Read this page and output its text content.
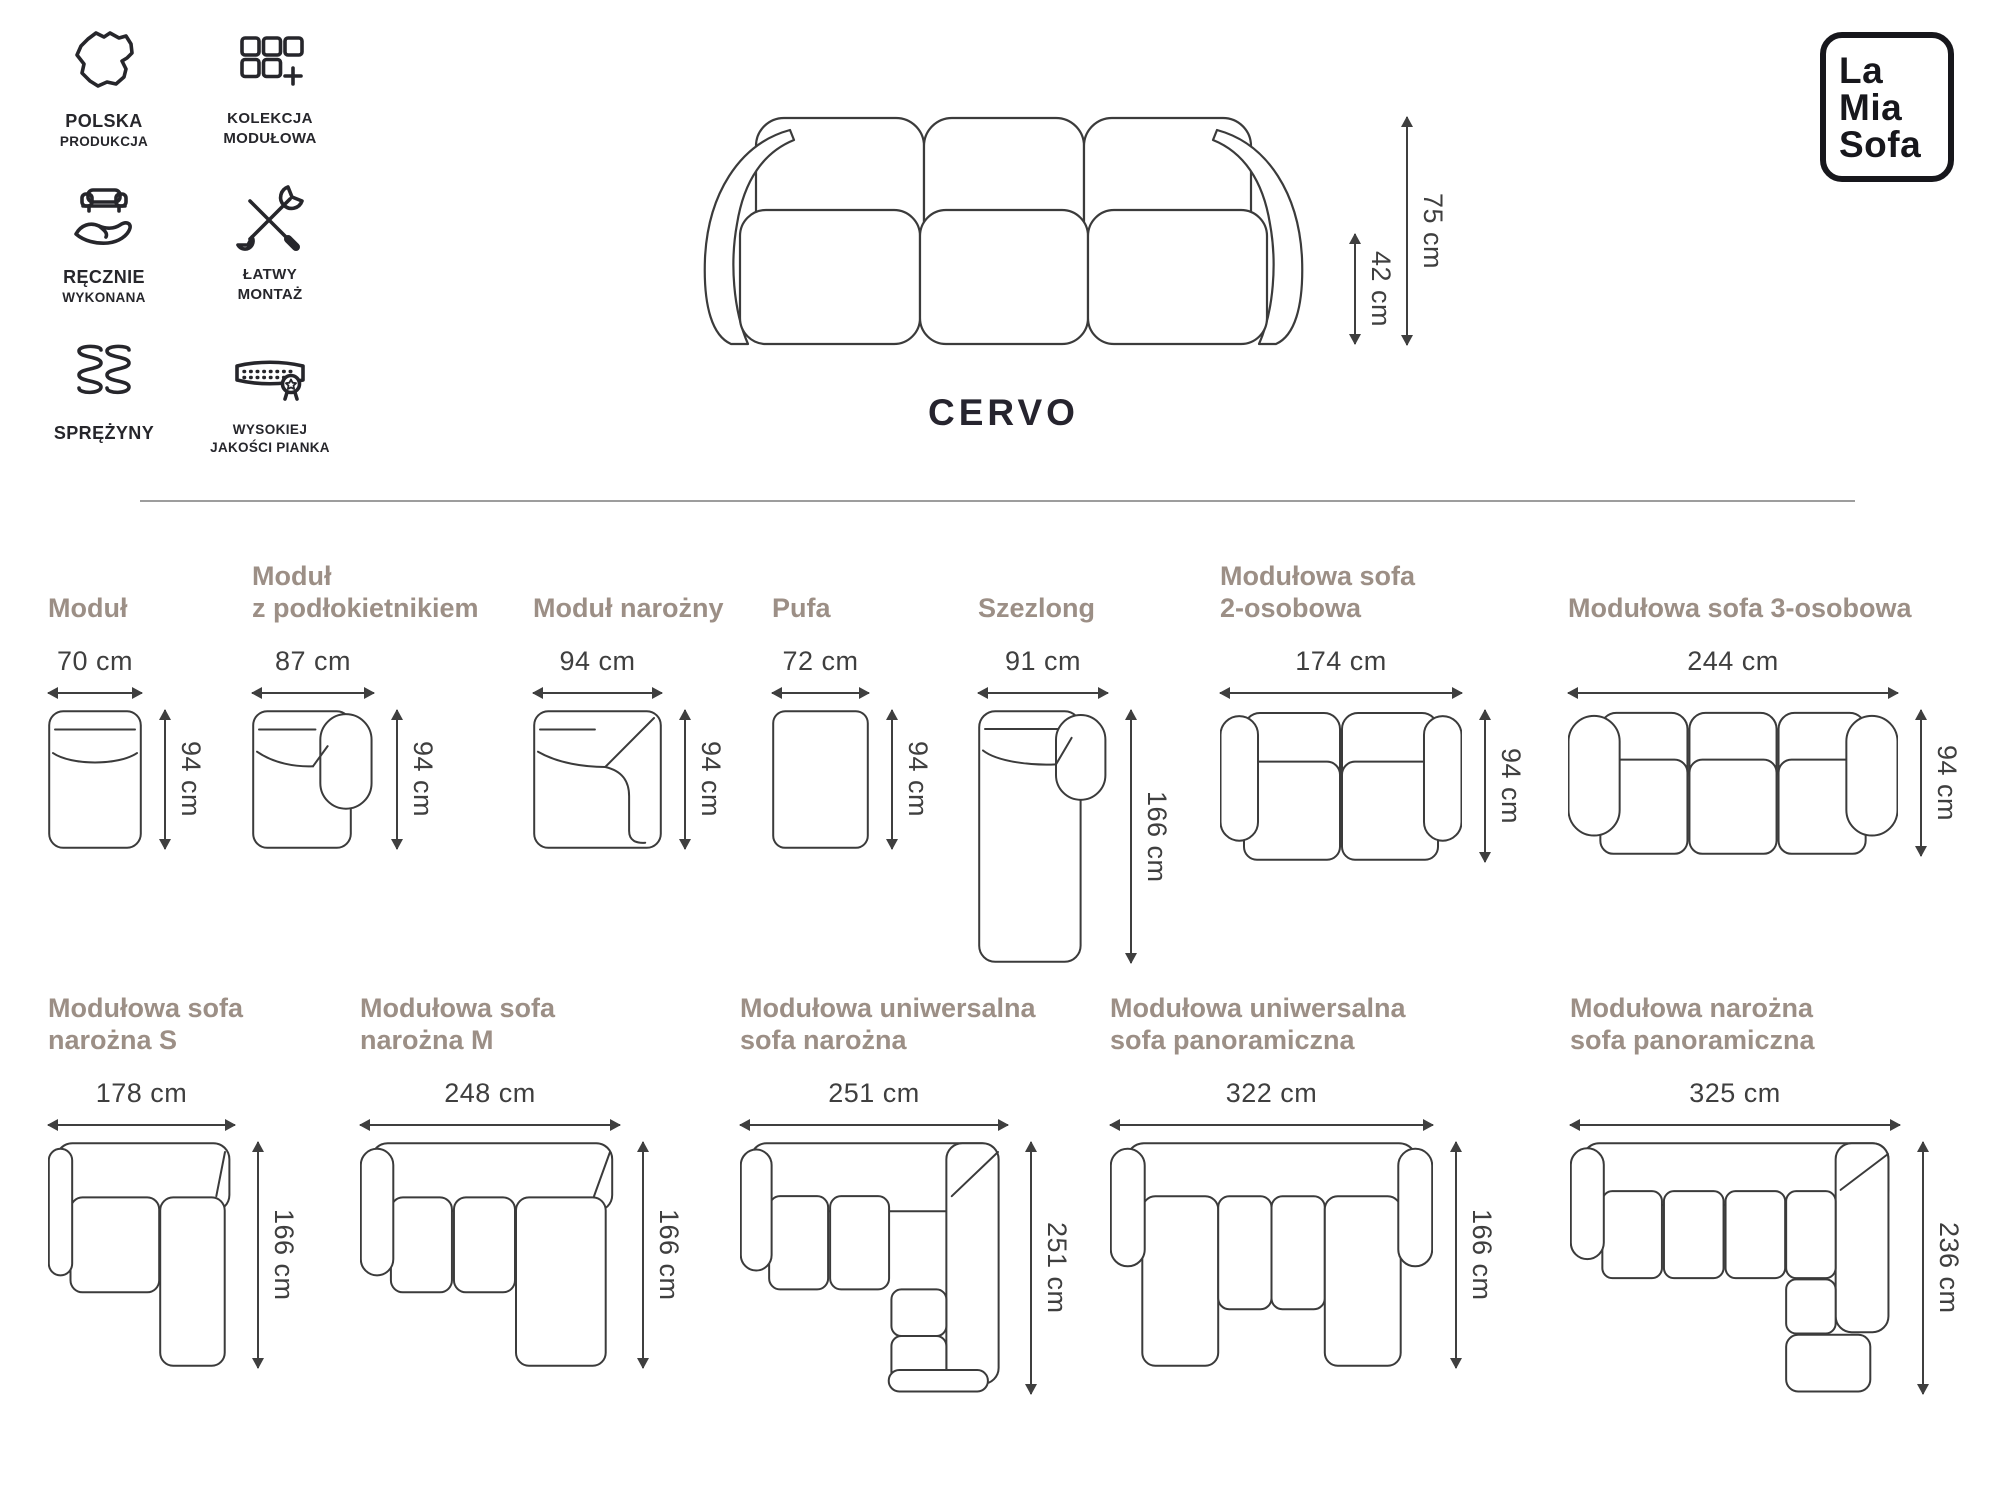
POLSKA
PRODUKCJA
KOLEKCJA
MODUŁOWA
RĘCZNIE
WYKONANA
ŁATWY
MONTAŻ
SPRĘŻYNY	WYSOKIEJ
JAKOŚCI PIANKA
La
Mia
Sofa
42 cm
75 cm
CERVO
Moduł
70 cm
94 cm
Moduł
z podłokietnikiem
87 cm
94 cm
Moduł narożny
94 cm
94 cm
Pufa
72 cm
94 cm
Szezlong
91 cm
166 cm
Modułowa sofa
2-osobowa
174 cm
94 cm
Modułowa sofa 3-osobowa
244 cm
94 cm
Modułowa sofa
narożna S
178 cm
166 cm
Modułowa sofa
narożna M
248 cm
166 cm
Modułowa uniwersalna
sofa narożna
251 cm
251 cm
Modułowa uniwersalna
sofa panoramiczna
322 cm
166 cm
Modułowa narożna
sofa panoramiczna
325 cm
236 cm
